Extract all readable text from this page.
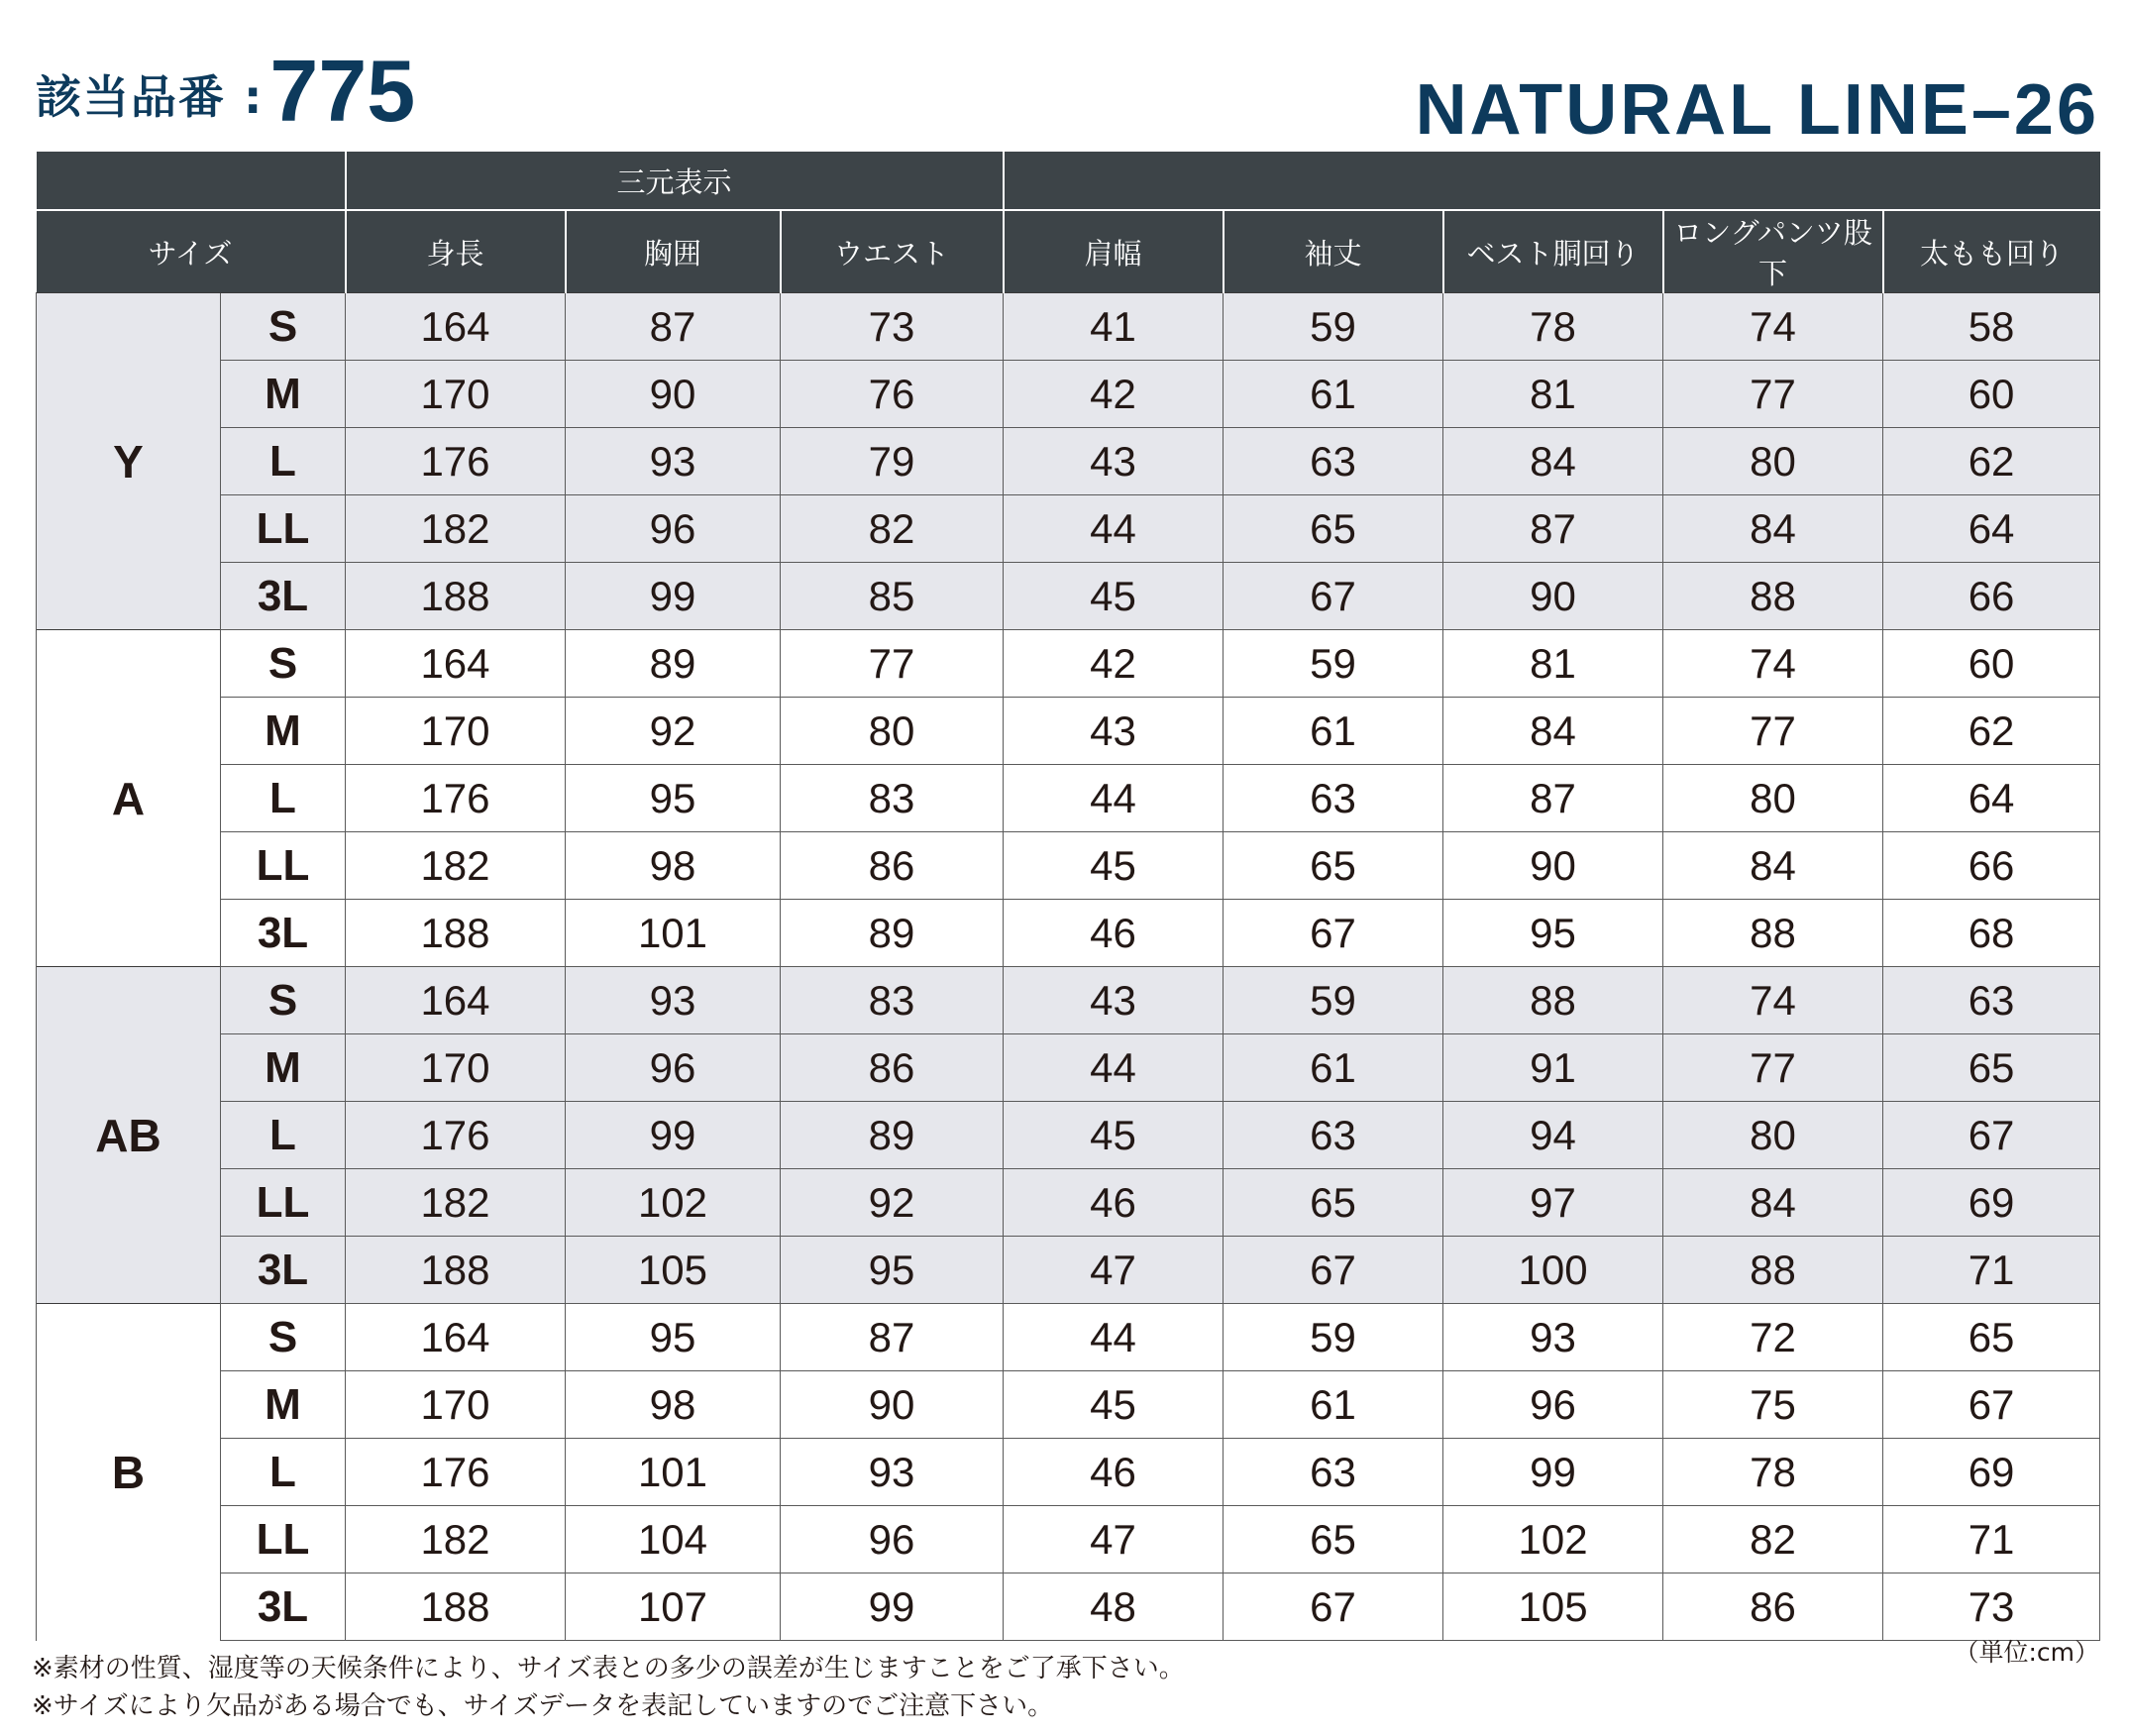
該当品番 : 775	NATURAL LINE–26
		三元表示							
サイズ		身長	胸囲	ウエスト	肩幅	袖丈	ベスト胴回り	ロングパンツ股下	太もも回り
Y	S	164	87	73	41	59	78	74	58
	M	170	90	76	42	61	81	77	60
	L	176	93	79	43	63	84	80	62
	LL	182	96	82	44	65	87	84	64
	3L	188	99	85	45	67	90	88	66
A	S	164	89	77	42	59	81	74	60
	M	170	92	80	43	61	84	77	62
	L	176	95	83	44	63	87	80	64
	LL	182	98	86	45	65	90	84	66
	3L	188	101	89	46	67	95	88	68
AB	S	164	93	83	43	59	88	74	63
	M	170	96	86	44	61	91	77	65
	L	176	99	89	45	63	94	80	67
	LL	182	102	92	46	65	97	84	69
	3L	188	105	95	47	67	100	88	71
B	S	164	95	87	44	59	93	72	65
	M	170	98	90	45	61	96	75	67
	L	176	101	93	46	63	99	78	69
	LL	182	104	96	47	65	102	82	71
	3L	188	107	99	48	67	105	86	73
（単位:cm）
※素材の性質、湿度等の天候条件により、サイズ表との多少の誤差が生じますことをご了承下さい。
※サイズにより欠品がある場合でも、サイズデータを表記していますのでご注意下さい。
